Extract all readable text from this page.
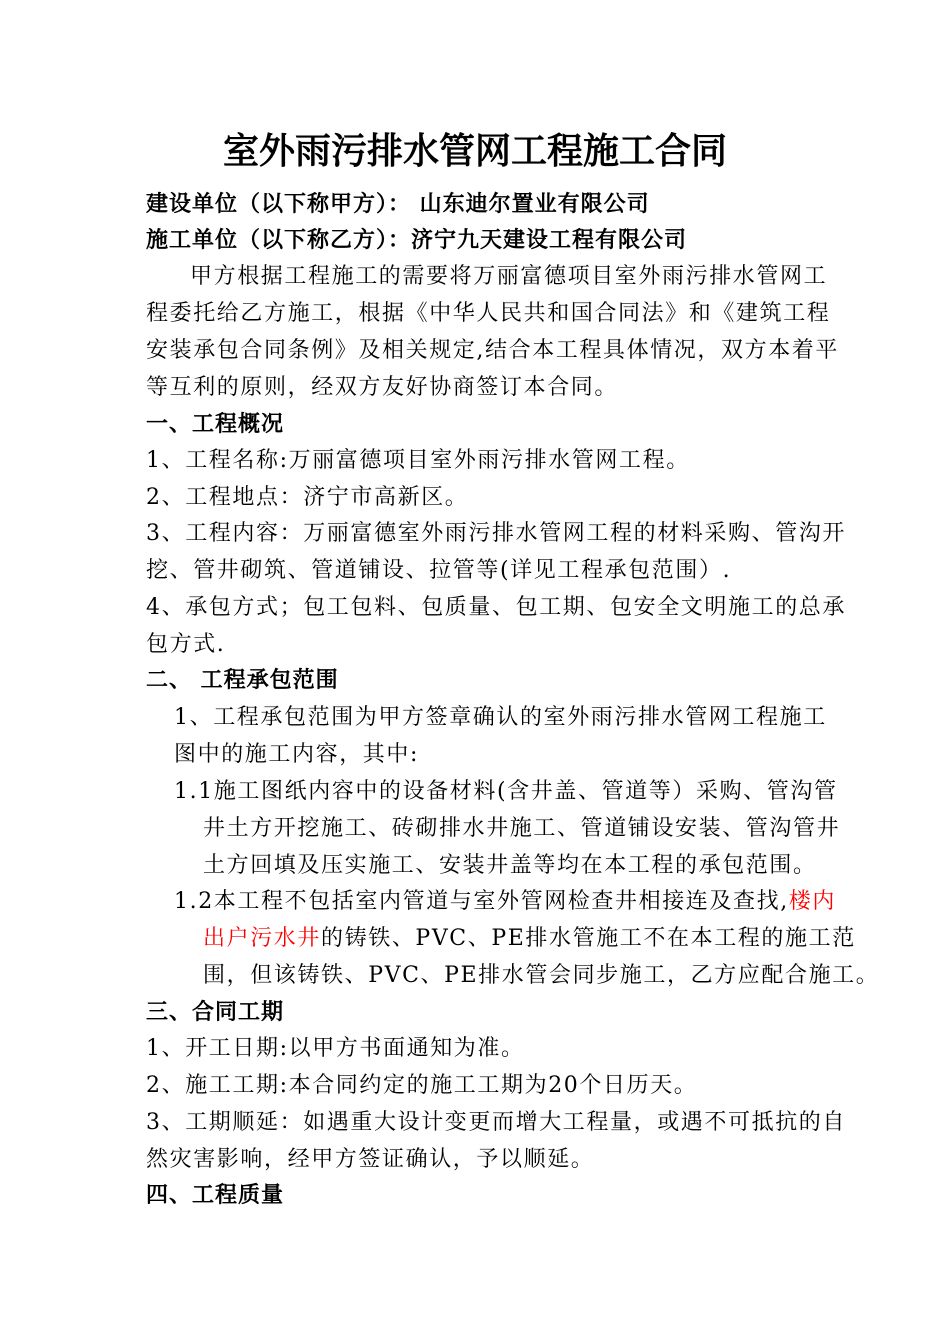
室外雨污排水管网工程施工合同
建设单位（以下称甲方）： 山东迪尔置业有限公司
施工单位（以下称乙方）：济宁九天建设工程有限公司
甲方根据工程施工的需要将万丽富德项目室外雨污排水管网工
程委托给乙方施工，根据《中华人民共和国合同法》和《建筑工程
安装承包合同条例》及相关规定,结合本工程具体情况，双方本着平
等互利的原则，经双方友好协商签订本合同。
一、工程概况
1、工程名称:万丽富德项目室外雨污排水管网工程。
2、工程地点：济宁市高新区。
3、工程内容：万丽富德室外雨污排水管网工程的材料采购、管沟开
挖、管井砌筑、管道铺设、拉管等(详见工程承包范围）.
4、承包方式；包工包料、包质量、包工期、包安全文明施工的总承
包方式.
二、 工程承包范围
1、工程承包范围为甲方签章确认的室外雨污排水管网工程施工
图中的施工内容，其中:
1.1施工图纸内容中的设备材料(含井盖、管道等）采购、管沟管
井土方开挖施工、砖砌排水井施工、管道铺设安装、管沟管井
土方回填及压实施工、安装井盖等均在本工程的承包范围。
1.2本工程不包括室内管道与室外管网检查井相接连及查找,楼内
出户污水井的铸铁、PVC、PE排水管施工不在本工程的施工范
围，但该铸铁、PVC、PE排水管会同步施工，乙方应配合施工。
三、合同工期
1、开工日期:以甲方书面通知为准。
2、施工工期:本合同约定的施工工期为20个日历天。
3、工期顺延：如遇重大设计变更而增大工程量，或遇不可抵抗的自
然灾害影响，经甲方签证确认，予以顺延。
四、工程质量
